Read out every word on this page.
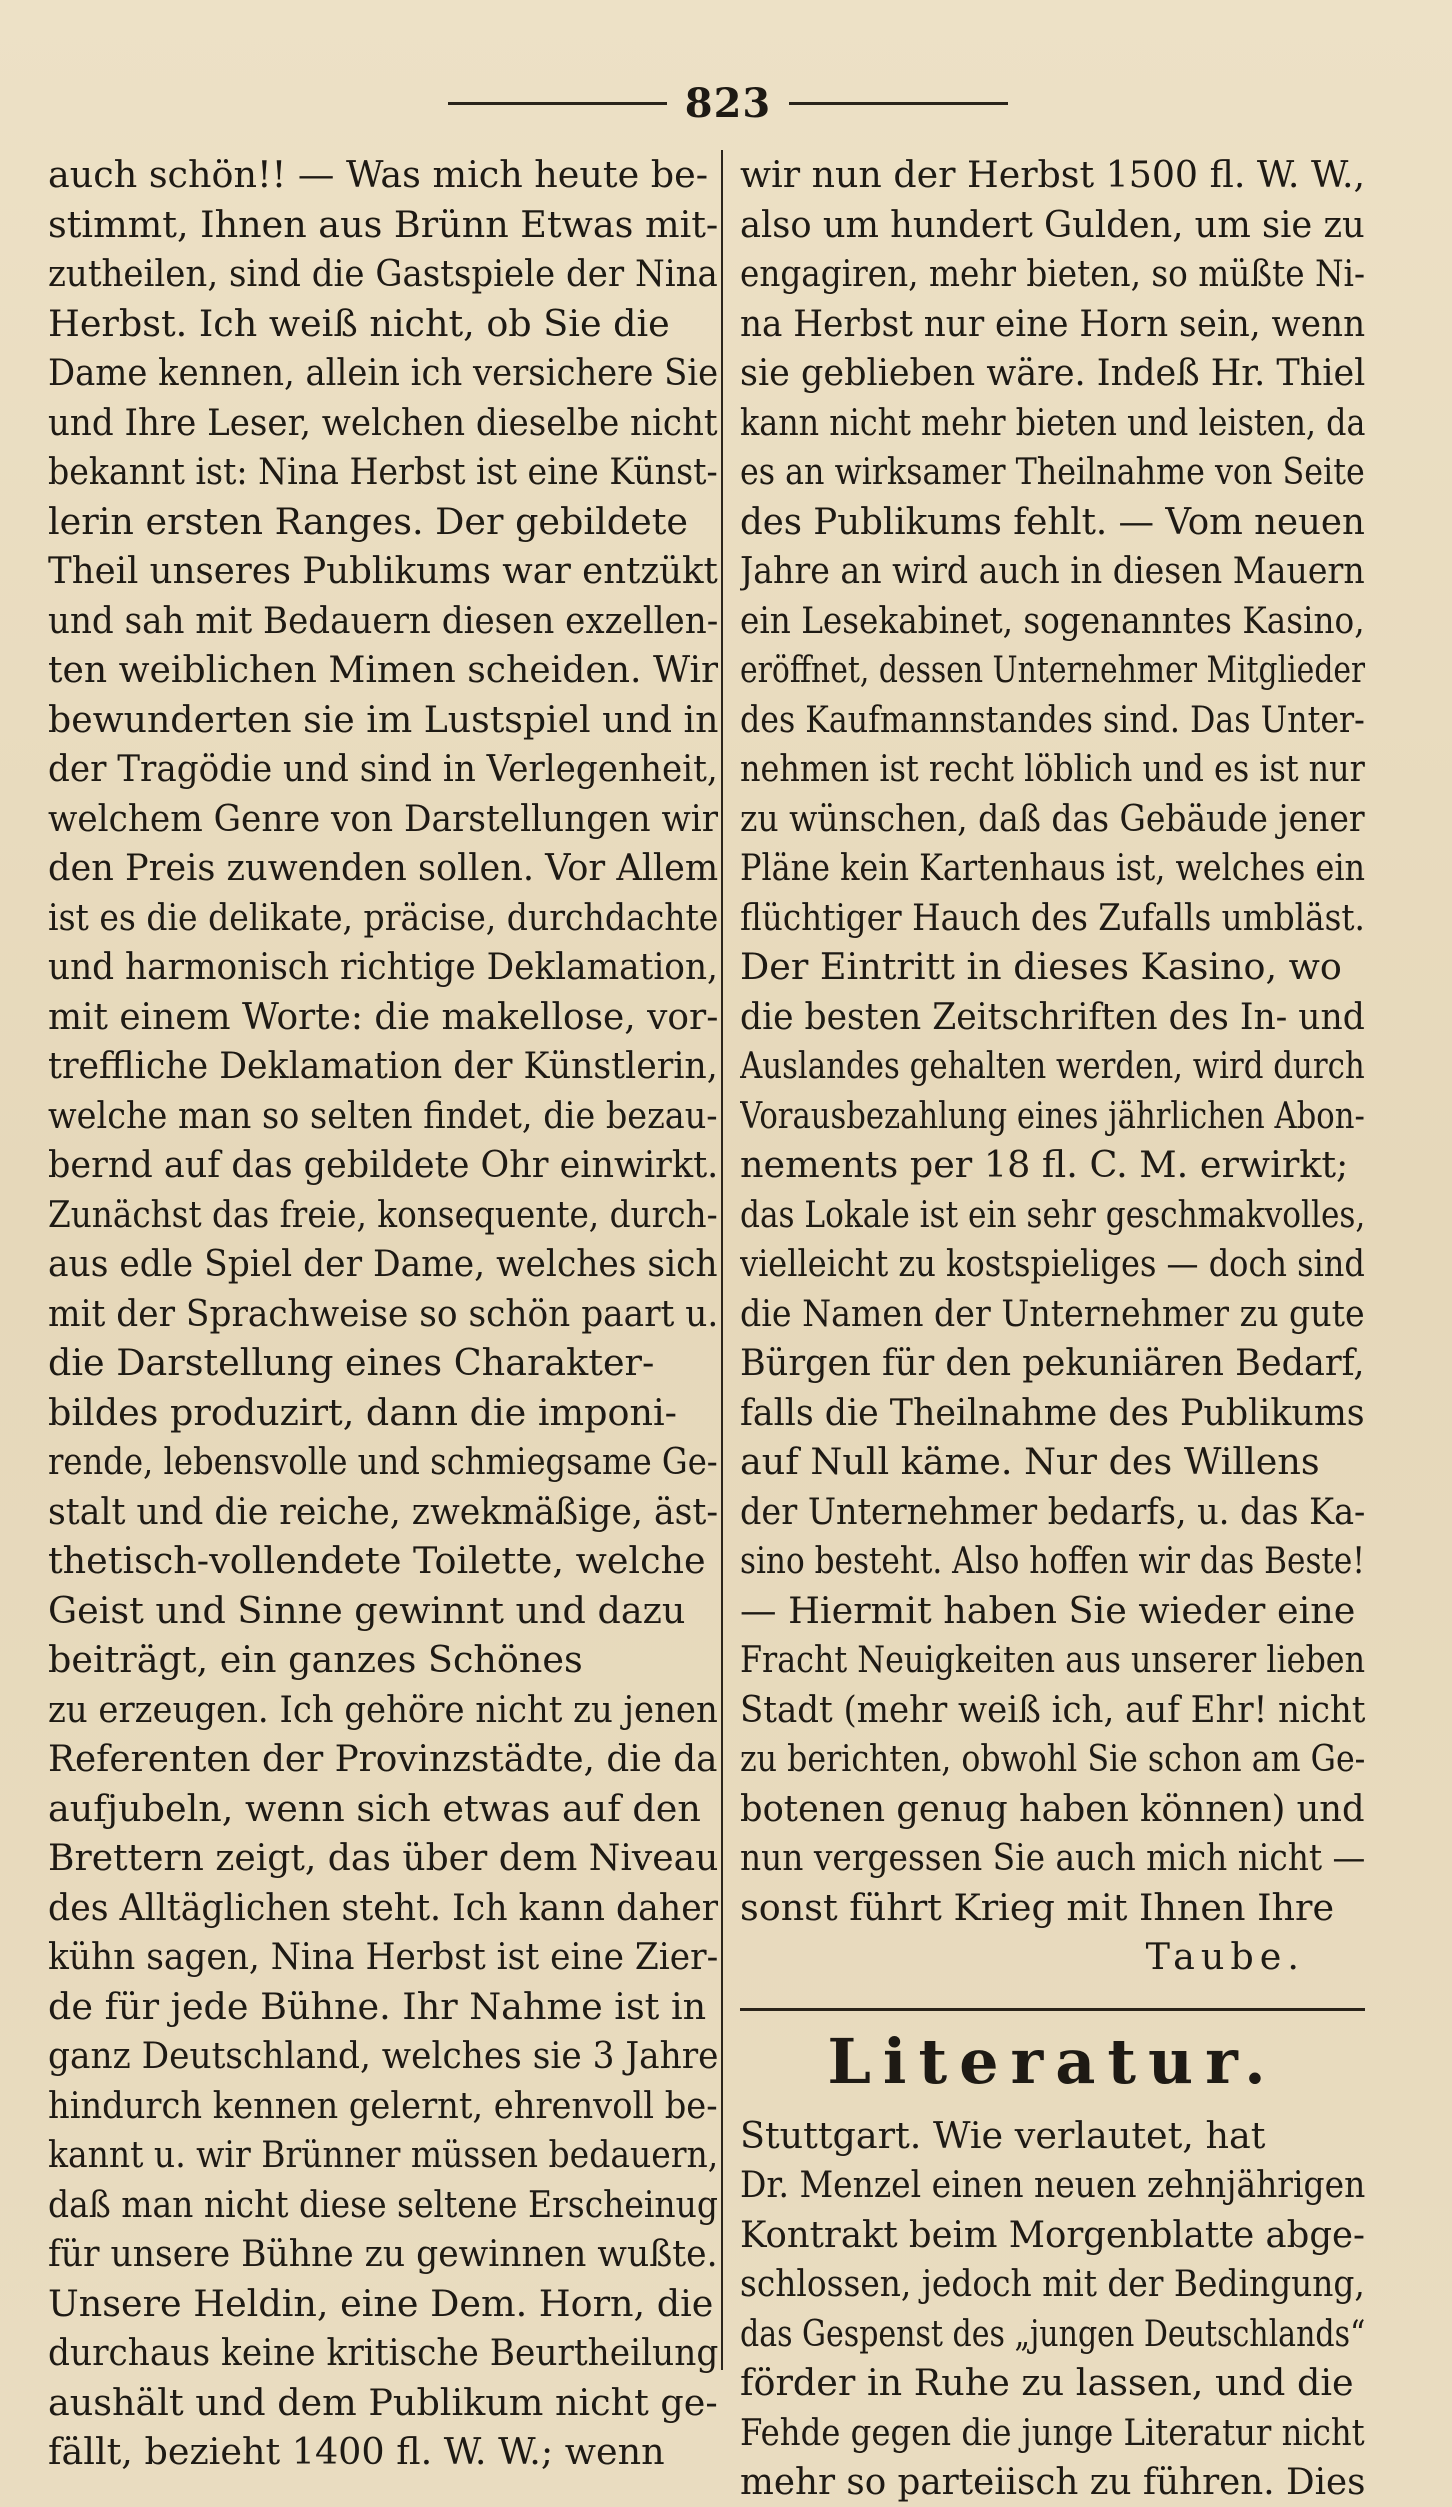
823
auch schön!! — Was mich heute be-
stimmt, Ihnen aus Brünn Etwas mit-
zutheilen, sind die Gastspiele der Nina
Herbst. Ich weiß nicht, ob Sie die
Dame kennen, allein ich versichere Sie
und Ihre Leser, welchen dieselbe nicht
bekannt ist: Nina Herbst ist eine Künst-
lerin ersten Ranges. Der gebildete
Theil unseres Publikums war entzükt
und sah mit Bedauern diesen exzellen-
ten weiblichen Mimen scheiden. Wir
bewunderten sie im Lustspiel und in
der Tragödie und sind in Verlegenheit,
welchem Genre von Darstellungen wir
den Preis zuwenden sollen. Vor Allem
ist es die delikate, präcise, durchdachte
und harmonisch richtige Deklamation,
mit einem Worte: die makellose, vor-
treffliche Deklamation der Künstlerin,
welche man so selten findet, die bezau-
bernd auf das gebildete Ohr einwirkt.
Zunächst das freie, konsequente, durch-
aus edle Spiel der Dame, welches sich
mit der Sprachweise so schön paart u.
die Darstellung eines Charakter-
bildes produzirt, dann die imponi-
rende, lebensvolle und schmiegsame Ge-
stalt und die reiche, zwekmäßige, äst-
thetisch-vollendete Toilette, welche
Geist und Sinne gewinnt und dazu
beiträgt, ein ganzes Schönes
zu erzeugen. Ich gehöre nicht zu jenen
Referenten der Provinzstädte, die da
aufjubeln, wenn sich etwas auf den
Brettern zeigt, das über dem Niveau
des Alltäglichen steht. Ich kann daher
kühn sagen, Nina Herbst ist eine Zier-
de für jede Bühne. Ihr Nahme ist in
ganz Deutschland, welches sie 3 Jahre
hindurch kennen gelernt, ehrenvoll be-
kannt u. wir Brünner müssen bedauern,
daß man nicht diese seltene Erscheinug
für unsere Bühne zu gewinnen wußte.
Unsere Heldin, eine Dem. Horn, die
durchaus keine kritische Beurtheilung
aushält und dem Publikum nicht ge-
fällt, bezieht 1400 fl. W. W.; wenn
wir nun der Herbst 1500 fl. W. W.,
also um hundert Gulden, um sie zu
engagiren, mehr bieten, so müßte Ni-
na Herbst nur eine Horn sein, wenn
sie geblieben wäre. Indeß Hr. Thiel
kann nicht mehr bieten und leisten, da
es an wirksamer Theilnahme von Seite
des Publikums fehlt. — Vom neuen
Jahre an wird auch in diesen Mauern
ein Lesekabinet, sogenanntes Kasino,
eröffnet, dessen Unternehmer Mitglieder
des Kaufmannstandes sind. Das Unter-
nehmen ist recht löblich und es ist nur
zu wünschen, daß das Gebäude jener
Pläne kein Kartenhaus ist, welches ein
flüchtiger Hauch des Zufalls umbläst.
Der Eintritt in dieses Kasino, wo
die besten Zeitschriften des In- und
Auslandes gehalten werden, wird durch
Vorausbezahlung eines jährlichen Abon-
nements per 18 fl. C. M. erwirkt;
das Lokale ist ein sehr geschmakvolles,
vielleicht zu kostspieliges — doch sind
die Namen der Unternehmer zu gute
Bürgen für den pekuniären Bedarf,
falls die Theilnahme des Publikums
auf Null käme. Nur des Willens
der Unternehmer bedarfs, u. das Ka-
sino besteht. Also hoffen wir das Beste!
— Hiermit haben Sie wieder eine
Fracht Neuigkeiten aus unserer lieben
Stadt (mehr weiß ich, auf Ehr! nicht
zu berichten, obwohl Sie schon am Ge-
botenen genug haben können) und
nun vergessen Sie auch mich nicht —
sonst führt Krieg mit Ihnen Ihre
Taube.
Literatur.
Stuttgart. Wie verlautet, hat
Dr. Menzel einen neuen zehnjährigen
Kontrakt beim Morgenblatte abge-
schlossen, jedoch mit der Bedingung,
das Gespenst des „jungen Deutschlands“
förder in Ruhe zu lassen, und die
Fehde gegen die junge Literatur nicht
mehr so parteiisch zu führen. Dies
